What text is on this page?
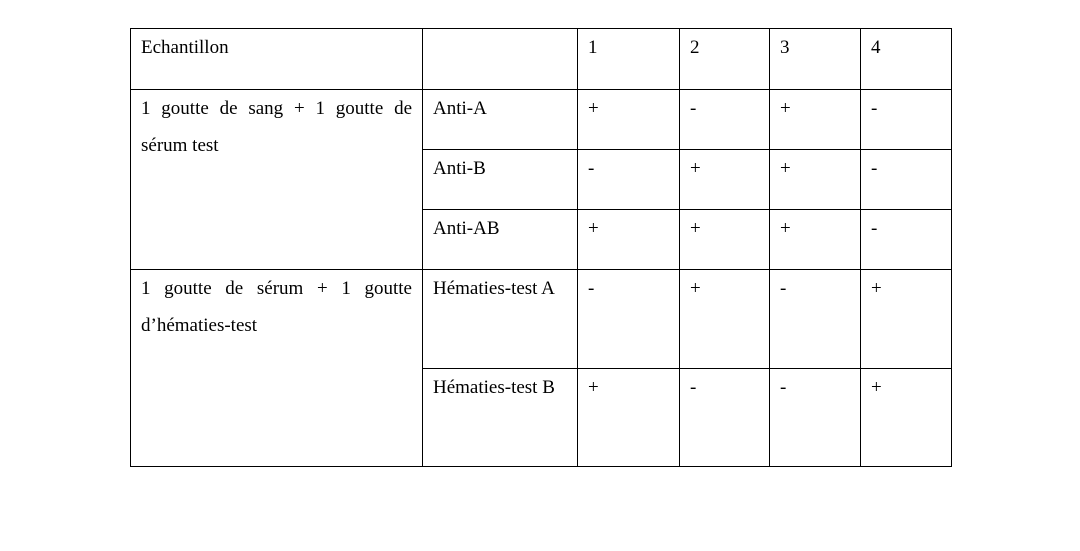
Echantillon		1	2	3	4
1 goutte de sang + 1 goutte de sérum test	Anti-A	+	-	+	-
	Anti-B	-	+	+	-
	Anti-AB	+	+	+	-
1 goutte de sérum + 1 goutte d’hématies-test	Hématies-test A	-	+	-	+
	Hématies-test B	+	-	-	+
